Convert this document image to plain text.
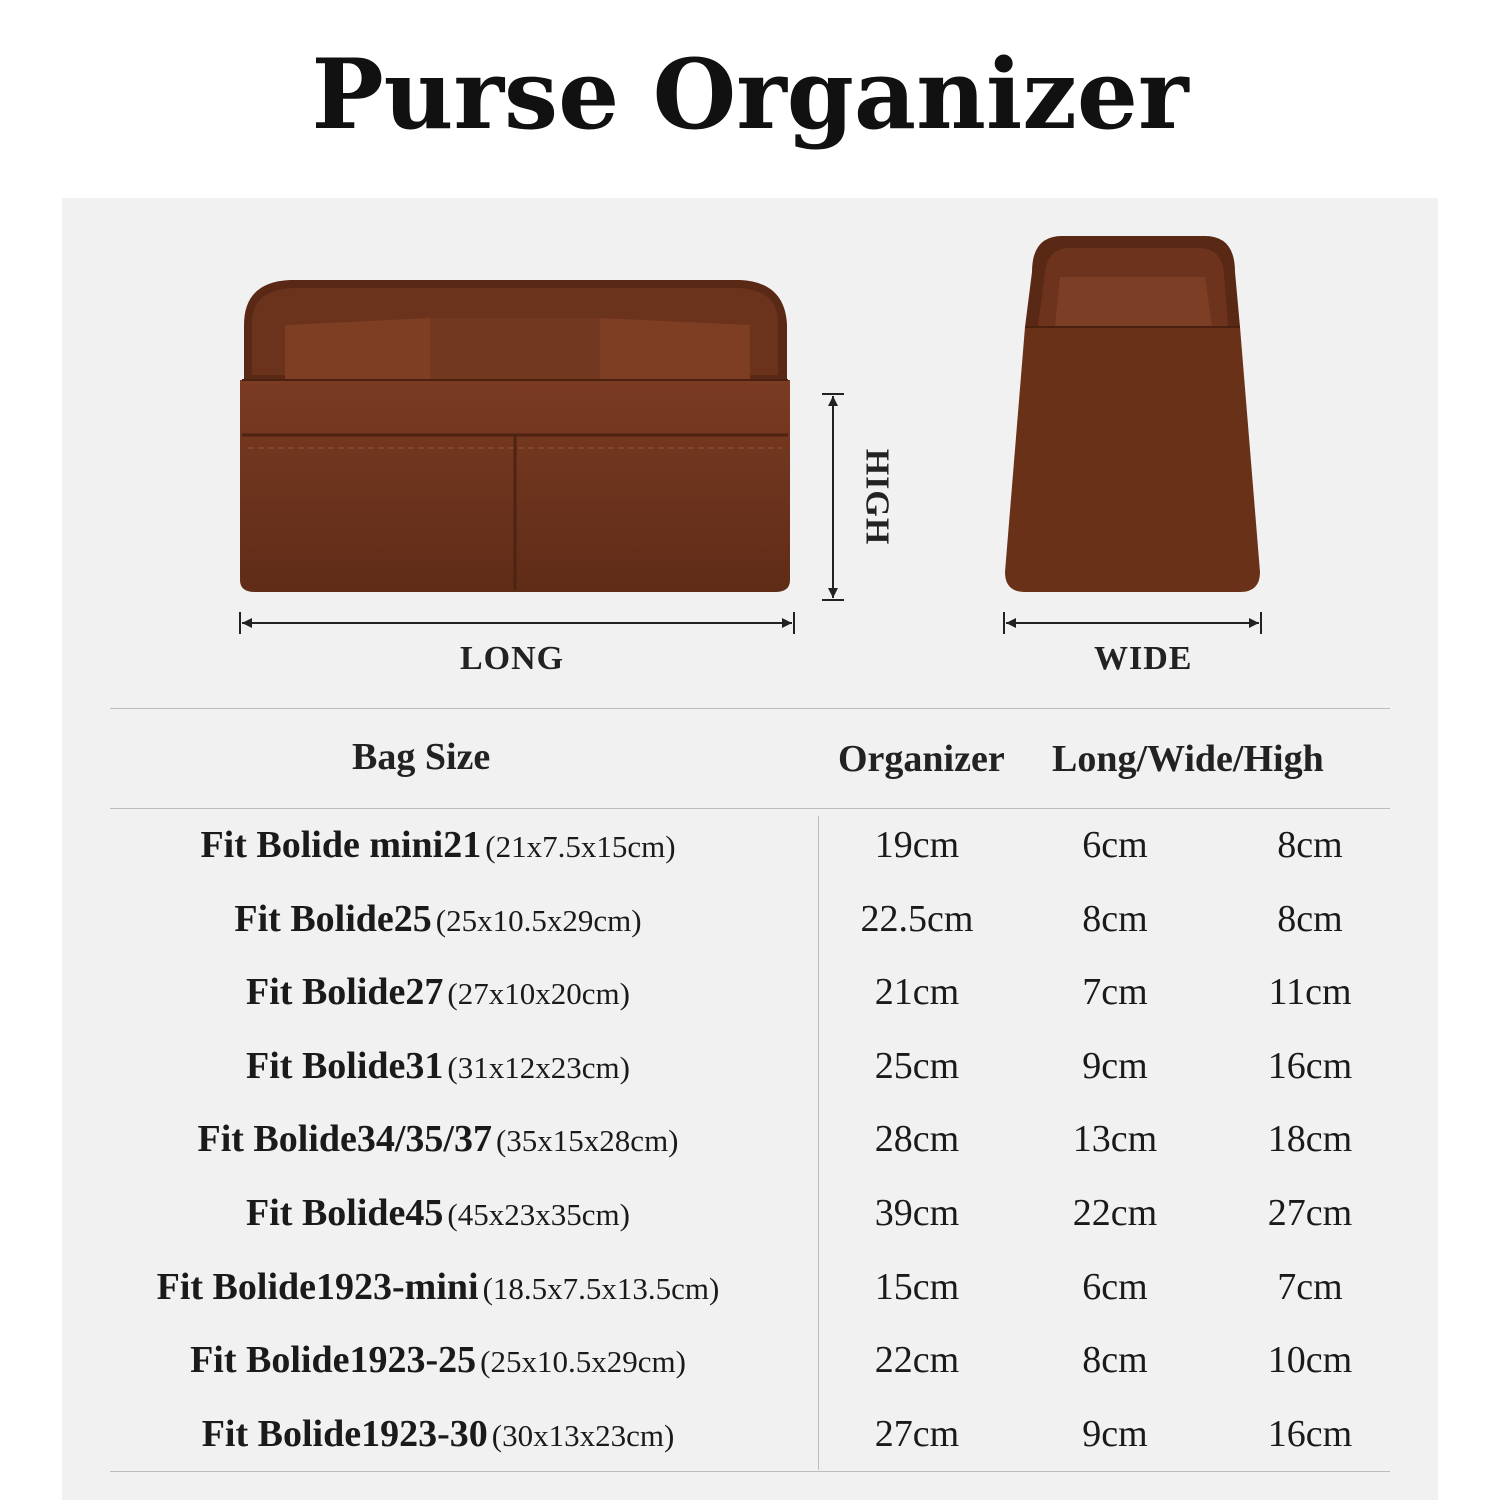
Purse Organizer
LONG	WIDE
HIGH
Bag Size	Organizer Long/Wide/High
Fit Bolide mini21 (21x7.5x15cm)	19cm	6cm	8cm
Fit Bolide25 (25x10.5x29cm)	22.5cm	8cm	8cm
Fit Bolide27 (27x10x20cm)	21cm	7cm	11cm
Fit Bolide31 (31x12x23cm)	25cm	9cm	16cm
Fit Bolide34/35/37 (35x15x28cm)	28cm	13cm	18cm
Fit Bolide45 (45x23x35cm)	39cm	22cm	27cm
Fit Bolide1923-mini (18.5x7.5x13.5cm)	15cm	6cm	7cm
Fit Bolide1923-25 (25x10.5x29cm)	22cm	8cm	10cm
Fit Bolide1923-30 (30x13x23cm)	27cm	9cm	16cm
